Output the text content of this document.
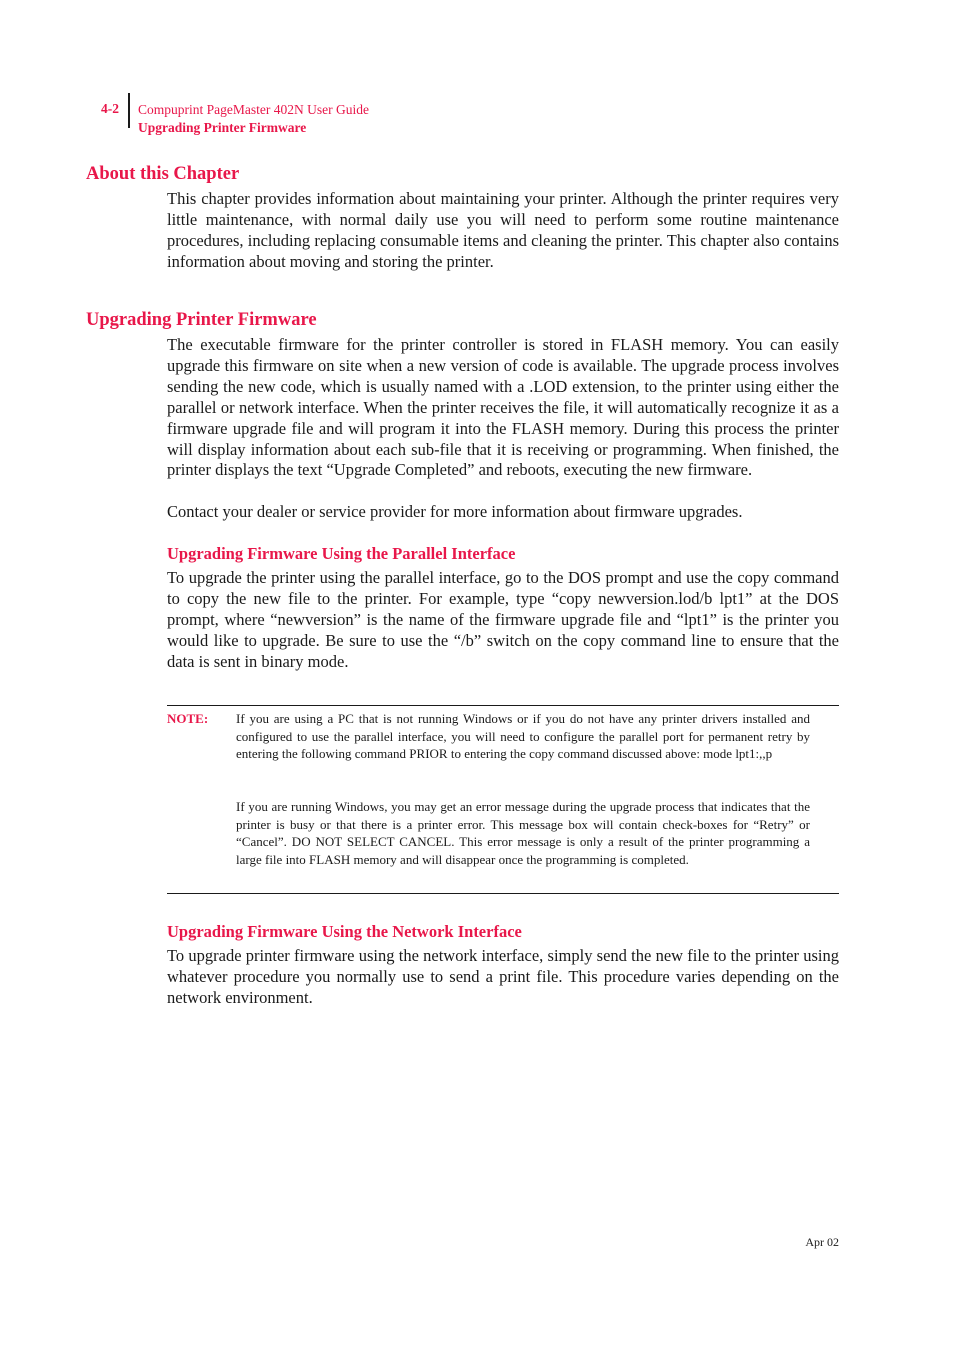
4-2 Compuprint PageMaster 402N User Guide
Upgrading Printer Firmware
About this Chapter

This chapter provides information about maintaining your printer. Although the printer requires very little maintenance, with normal daily use you will need to perform some routine maintenance procedures, including replacing consumable items and cleaning the printer. This chapter also contains information about moving and storing the printer.

Upgrading Printer Firmware

The executable firmware for the printer controller is stored in FLASH memory. You can easily upgrade this firmware on site when a new version of code is available. The upgrade process involves sending the new code, which is usually named with a .LOD extension, to the printer using either the parallel or network interface. When the printer receives the file, it will automatically recognize it as a firmware upgrade file and will program it into the FLASH memory. During this process the printer will display information about each sub-file that it is receiving or programming. When finished, the printer displays the text “Upgrade Completed” and reboots, executing the new firmware.

Contact your dealer or service provider for more information about firmware upgrades.

Upgrading Firmware Using the Parallel Interface

To upgrade the printer using the parallel interface, go to the DOS prompt and use the copy command to copy the new file to the printer. For example, type “copy newversion.lod/b lpt1” at the DOS prompt, where “newversion” is the name of the firmware upgrade file and “lpt1” is the printer you would like to upgrade. Be sure to use the “/b” switch on the copy command line to ensure that the data is sent in binary mode.

NOTE: If you are using a PC that is not running Windows or if you do not have any printer drivers installed and configured to use the parallel interface, you will need to configure the parallel port for permanent retry by entering the following command PRIOR to entering the copy command discussed above: mode lpt1:,,p

If you are running Windows, you may get an error message during the upgrade process that indicates that the printer is busy or that there is a printer error. This message box will contain check-boxes for “Retry” or “Cancel”. DO NOT SELECT CANCEL. This error message is only a result of the printer programming a large file into FLASH memory and will disappear once the programming is completed.

Upgrading Firmware Using the Network Interface

To upgrade printer firmware using the network interface, simply send the new file to the printer using whatever procedure you normally use to send a print file. This procedure varies depending on the network environment.

Apr 02
